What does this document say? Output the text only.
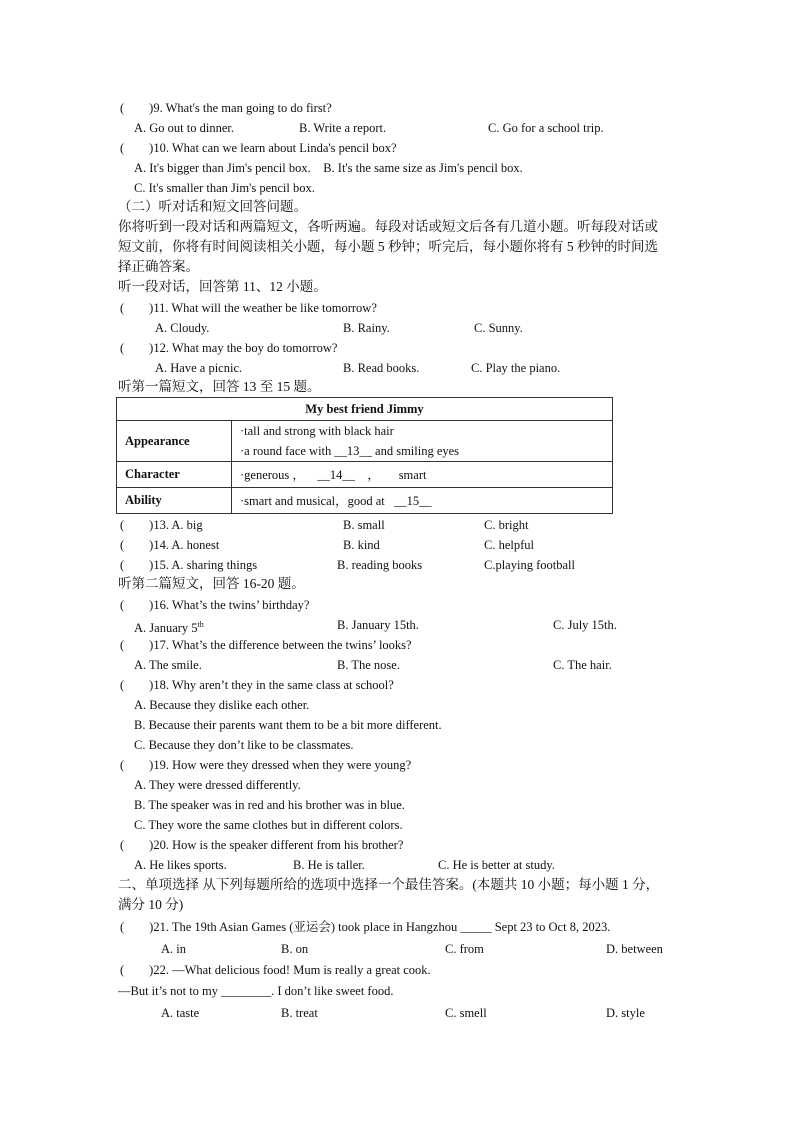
(　　)9. What's the man going to do first?
A. Go out to dinner.	B. Write a report.	C. Go for a school trip.
(　　)10. What can we learn about Linda's pencil box?
A. It's bigger than Jim's pencil box.　B. It's the same size as Jim's pencil box.
C. It's smaller than Jim's pencil box.
（二）听对话和短文回答问题。
你将听到一段对话和两篇短文，各听两遍。每段对话或短文后各有几道小题。听每段对话或
短文前，你将有时间阅读相关小题，每小题 5 秒钟；听完后，每小题你将有 5 秒钟的时间选
择正确答案。
听一段对话，回答第 11、12 小题。
(　　)11. What will the weather be like tomorrow?
A. Cloudy.	B. Rainy.	C. Sunny.
(　　)12. What may the boy do tomorrow?
A. Have a picnic.	B. Read books.	C. Play the piano.
听第一篇短文，回答 13 至 15 题。
My best friend Jimmy	
Appearance	·tall and strong with black hair
·a round face with __13__ and smiling eyes

Character	·generous ， __14__ ， smart
Ability	·smart and musical，good at   __15__
(　　)13. A. big	B. small	C. bright
(　　)14. A. honest	B. kind	C. helpful
(　　)15. A. sharing things	B. reading books	C.playing football
听第二篇短文，回答 16-20 题。
(　　)16. What’s the twins’ birthday?
A. January 5th	B. January 15th.	C. July 15th.
(　　)17. What’s the difference between the twins’ looks?
A. The smile.	B. The nose.	C. The hair.
(　　)18. Why aren’t they in the same class at school?
A. Because they dislike each other.
B. Because their parents want them to be a bit more different.
C. Because they don’t like to be classmates.
(　　)19. How were they dressed when they were young?
A. They were dressed differently.
B. The speaker was in red and his brother was in blue.
C. They wore the same clothes but in different colors.
(　　)20. How is the speaker different from his brother?
A. He likes sports.	B. He is taller.	C. He is better at study.
二、单项选择 从下列每题所给的选项中选择一个最佳答案。(本题共 10 小题；每小题 1 分，
满分 10 分)
(　　)21. The 19th Asian Games (亚运会) took place in Hangzhou _____ Sept 23 to Oct 8, 2023.
A. in	B. on	C. from	D. between
(　　)22. —What delicious food! Mum is really a great cook.
—But it’s not to my ________. I don’t like sweet food.
A. taste	B. treat	C. smell	D. style
